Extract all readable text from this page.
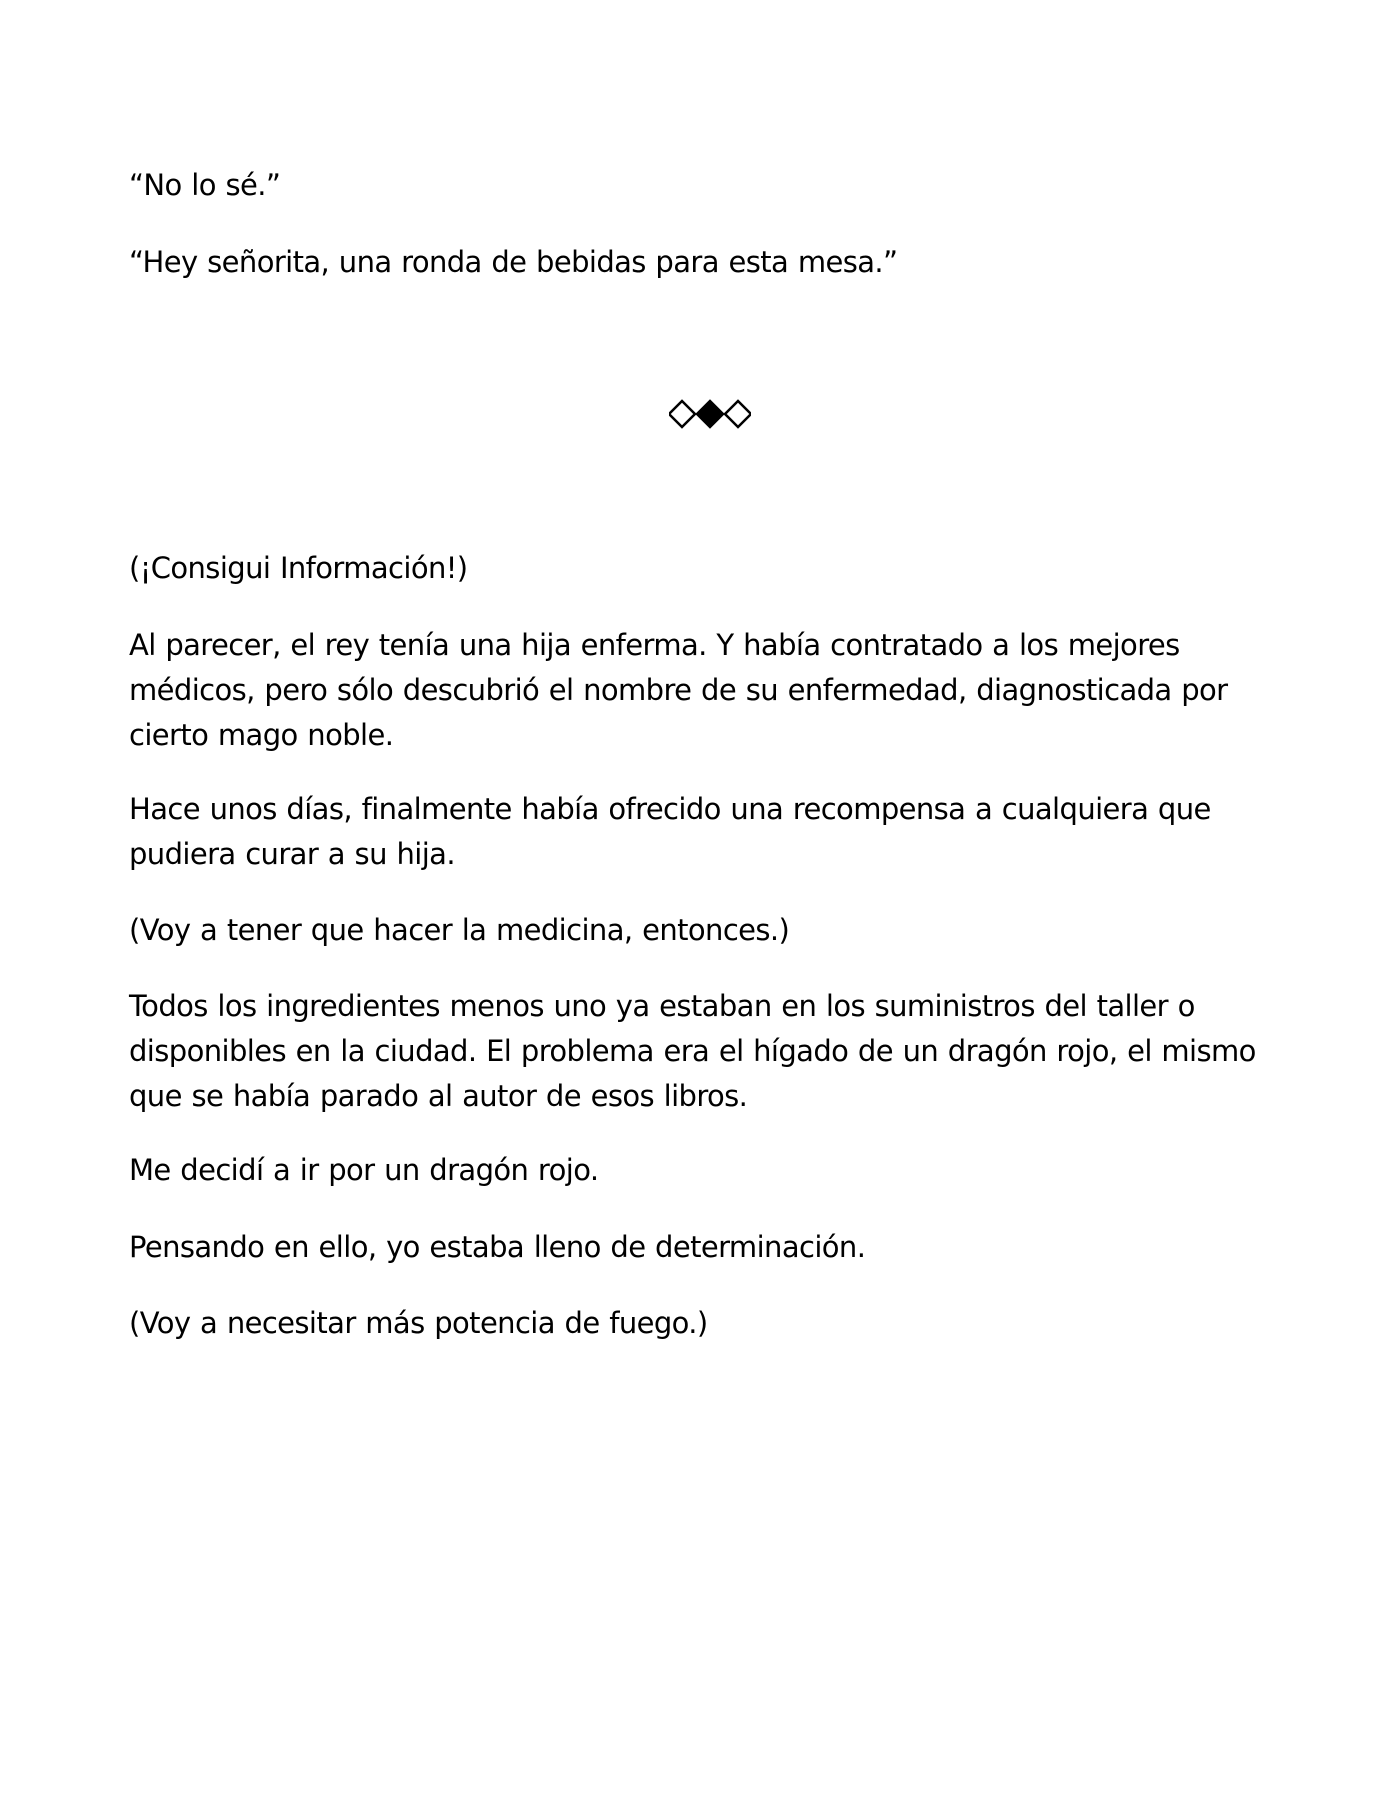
“No lo sé.”

“Hey señorita, una ronda de bebidas para esta mesa.”

(¡Consigui Información!)

Al parecer, el rey tenía una hija enferma. Y había contratado a los mejores médicos, pero sólo descubrió el nombre de su enfermedad, diagnosticada por cierto mago noble.

Hace unos días, finalmente había ofrecido una recompensa a cualquiera que pudiera curar a su hija.

(Voy a tener que hacer la medicina, entonces.)

Todos los ingredientes menos uno ya estaban en los suministros del taller o disponibles en la ciudad. El problema era el hígado de un dragón rojo, el mismo que se había parado al autor de esos libros.

Me decidí a ir por un dragón rojo.

Pensando en ello, yo estaba lleno de determinación.

(Voy a necesitar más potencia de fuego.)
